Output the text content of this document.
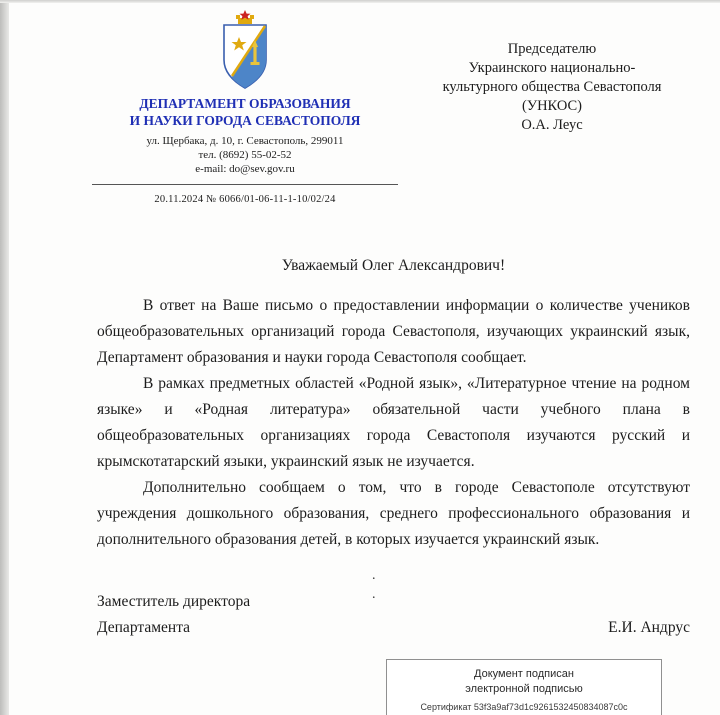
ДЕПАРТАМЕНТ ОБРАЗОВАНИЯ
И НАУКИ ГОРОДА СЕВАСТОПОЛЯ
ул. Щербака, д. 10, г. Севастополь, 299011
тел. (8692) 55-02-52
e-mail: do@sev.gov.ru
20.11.2024 № 6066/01-06-11-1-10/02/24
Председателю
Украинского национально-
культурного общества Севастополя
(УНКОС)
О.А. Леус
Уважаемый Олег Александрович!

В ответ на Ваше письмо о предоставлении информации о количестве учеников общеобразовательных организаций города Севастополя, изучающих украинский язык, Департамент образования и науки города Севастополя сообщает.

В рамках предметных областей «Родной язык», «Литературное чтение на родном языке» и «Родная литература» обязательной части учебного плана в общеобразовательных организациях города Севастополя изучаются русский и крымскотатарский языки, украинский язык не изучается.

Дополнительно сообщаем о том, что в городе Севастополе отсутствуют учреждения дошкольного образования, среднего профессионального образования и дополнительного образования детей, в которых изучается украинский язык.

.
.
Заместитель директора
Департамента	Е.И. Андрус
Документ подписан
электронной подписью
Сертификат 53f3a9af73d1c9261532450834087c0c
